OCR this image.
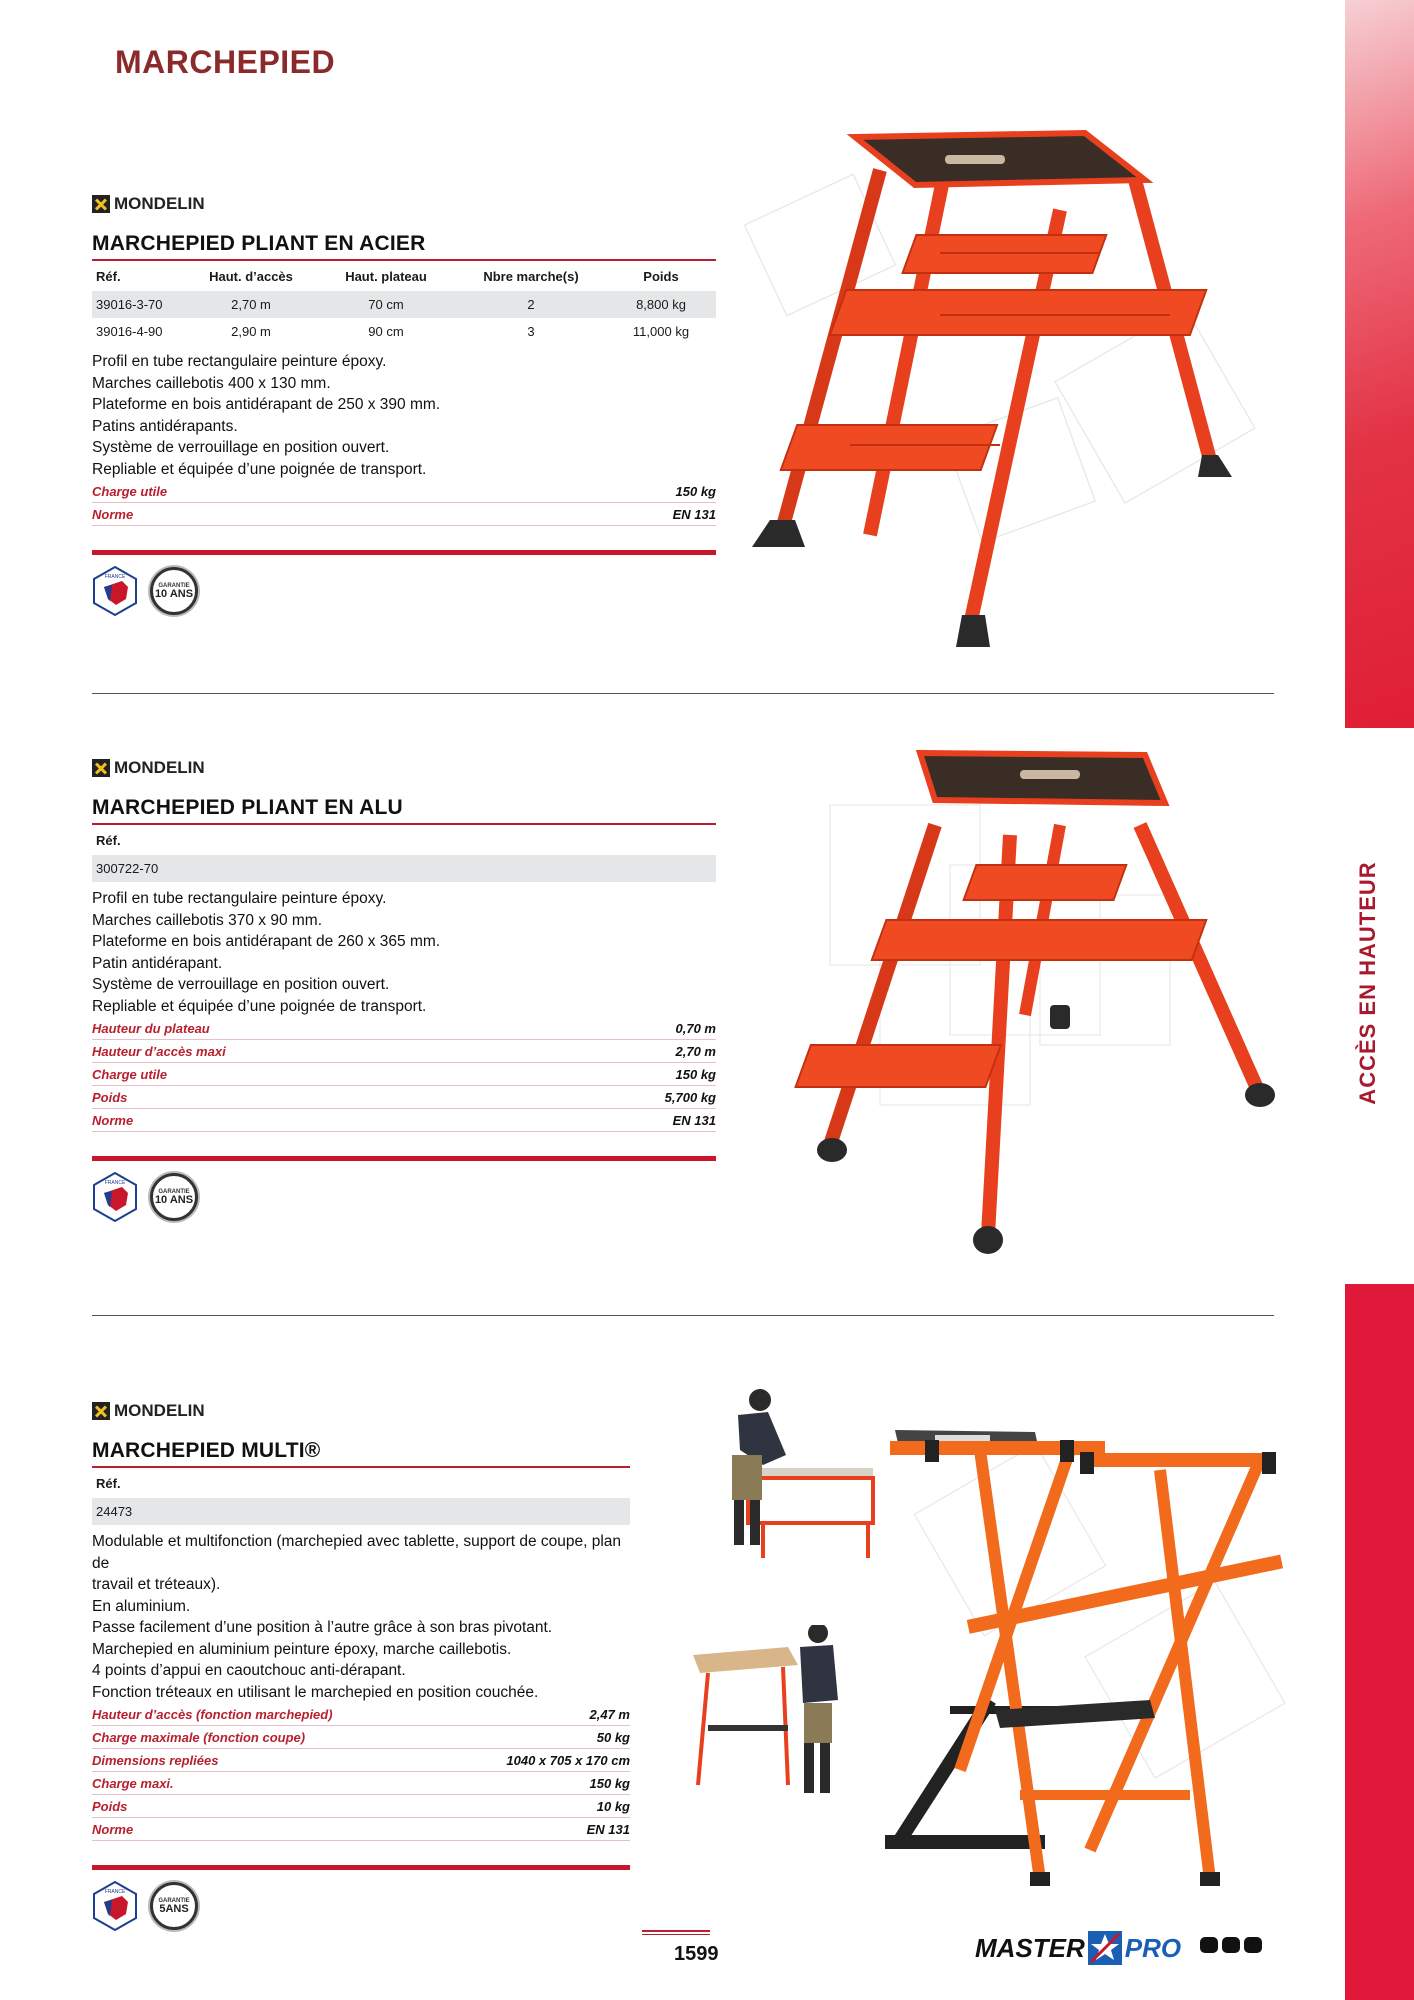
ACCÈS EN HAUTEUR
MARCHEPIED
MONDELIN
MARCHEPIED PLIANT EN ACIER
Réf.	Haut. d’accès	Haut. plateau	Nbre marche(s)	Poids
39016-3-70	2,70 m	70 cm	2	8,800 kg
39016-4-90	2,90 m	90 cm	3	11,000 kg
Profil en tube rectangulaire peinture époxy.
Marches caillebotis 400 x 130 mm.
Plateforme en bois antidérapant de 250 x 390 mm.
Patins antidérapants.
Système de verrouillage en position ouvert.
Repliable et équipée d’une poignée de transport.
Charge utile	150 kg
Norme	EN 131
FRANCE
GARANTIE
10 ANS
MONDELIN
MARCHEPIED PLIANT EN ALU
Réf.
300722-70
Profil en tube rectangulaire peinture époxy.
Marches caillebotis 370 x 90 mm.
Plateforme en bois antidérapant de 260 x 365 mm.
Patin antidérapant.
Système de verrouillage en position ouvert.
Repliable et équipée d’une poignée de transport.
Hauteur du plateau	0,70 m
Hauteur d’accès maxi	2,70 m
Charge utile	150 kg
Poids	5,700 kg
Norme	EN 131
FRANCE
GARANTIE
10 ANS
MONDELIN
MARCHEPIED MULTI®
Réf.
24473
Modulable et multifonction (marchepied avec tablette, support de coupe, plan de
travail et tréteaux).
En aluminium.
Passe facilement d’une position à l’autre grâce à son bras pivotant.
Marchepied en aluminium peinture époxy, marche caillebotis.
4 points d’appui en caoutchouc anti-dérapant.
Fonction tréteaux en utilisant le marchepied en position couchée.
Hauteur d’accès (fonction marchepied)	2,47 m
Charge maximale (fonction coupe)	50 kg
Dimensions repliées	1040 x 705 x 170 cm
Charge maxi.	150 kg
Poids	10 kg
Norme	EN 131
FRANCE
GARANTIE
5ANS
1599	MASTER PRO
